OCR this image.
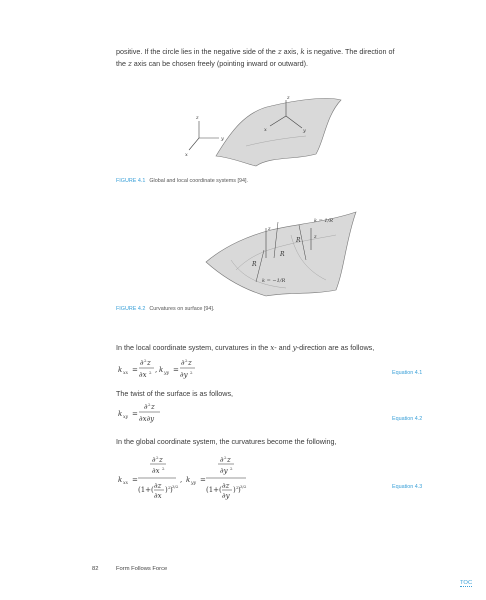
positive. If the circle lies in the negative side of the z axis, k is negative. The direction of
the z axis can be chosen freely (pointing inward or outward).
z
y
x
z
y
x
FIGURE 4.1 Global and local coordinate systems [94].
z
z
R
R
R
k = 1/R
k = −1/R
FIGURE 4.2 Curvatures on surface [94].
In the local coordinate system, curvatures in the x- and y-direction are as follows,
k xx =
∂ 2 z
∂x 2 , k yy =
∂ 2 z
∂y 2	Equation 4.1
The twist of the surface is as follows,
k xy =
∂ 2 z
∂x∂y	Equation 4.2
In the global coordinate system, the curvatures become the following,
k xx =
∂ 2 z
∂x 2
(1+( ∂z
∂x
) 2 ) 3/2
, k yy =
∂ 2 z
∂y 2
(1+( ∂z
∂y
) 2 ) 3/2	Equation 4.3
82	Form Follows Force
TOC
